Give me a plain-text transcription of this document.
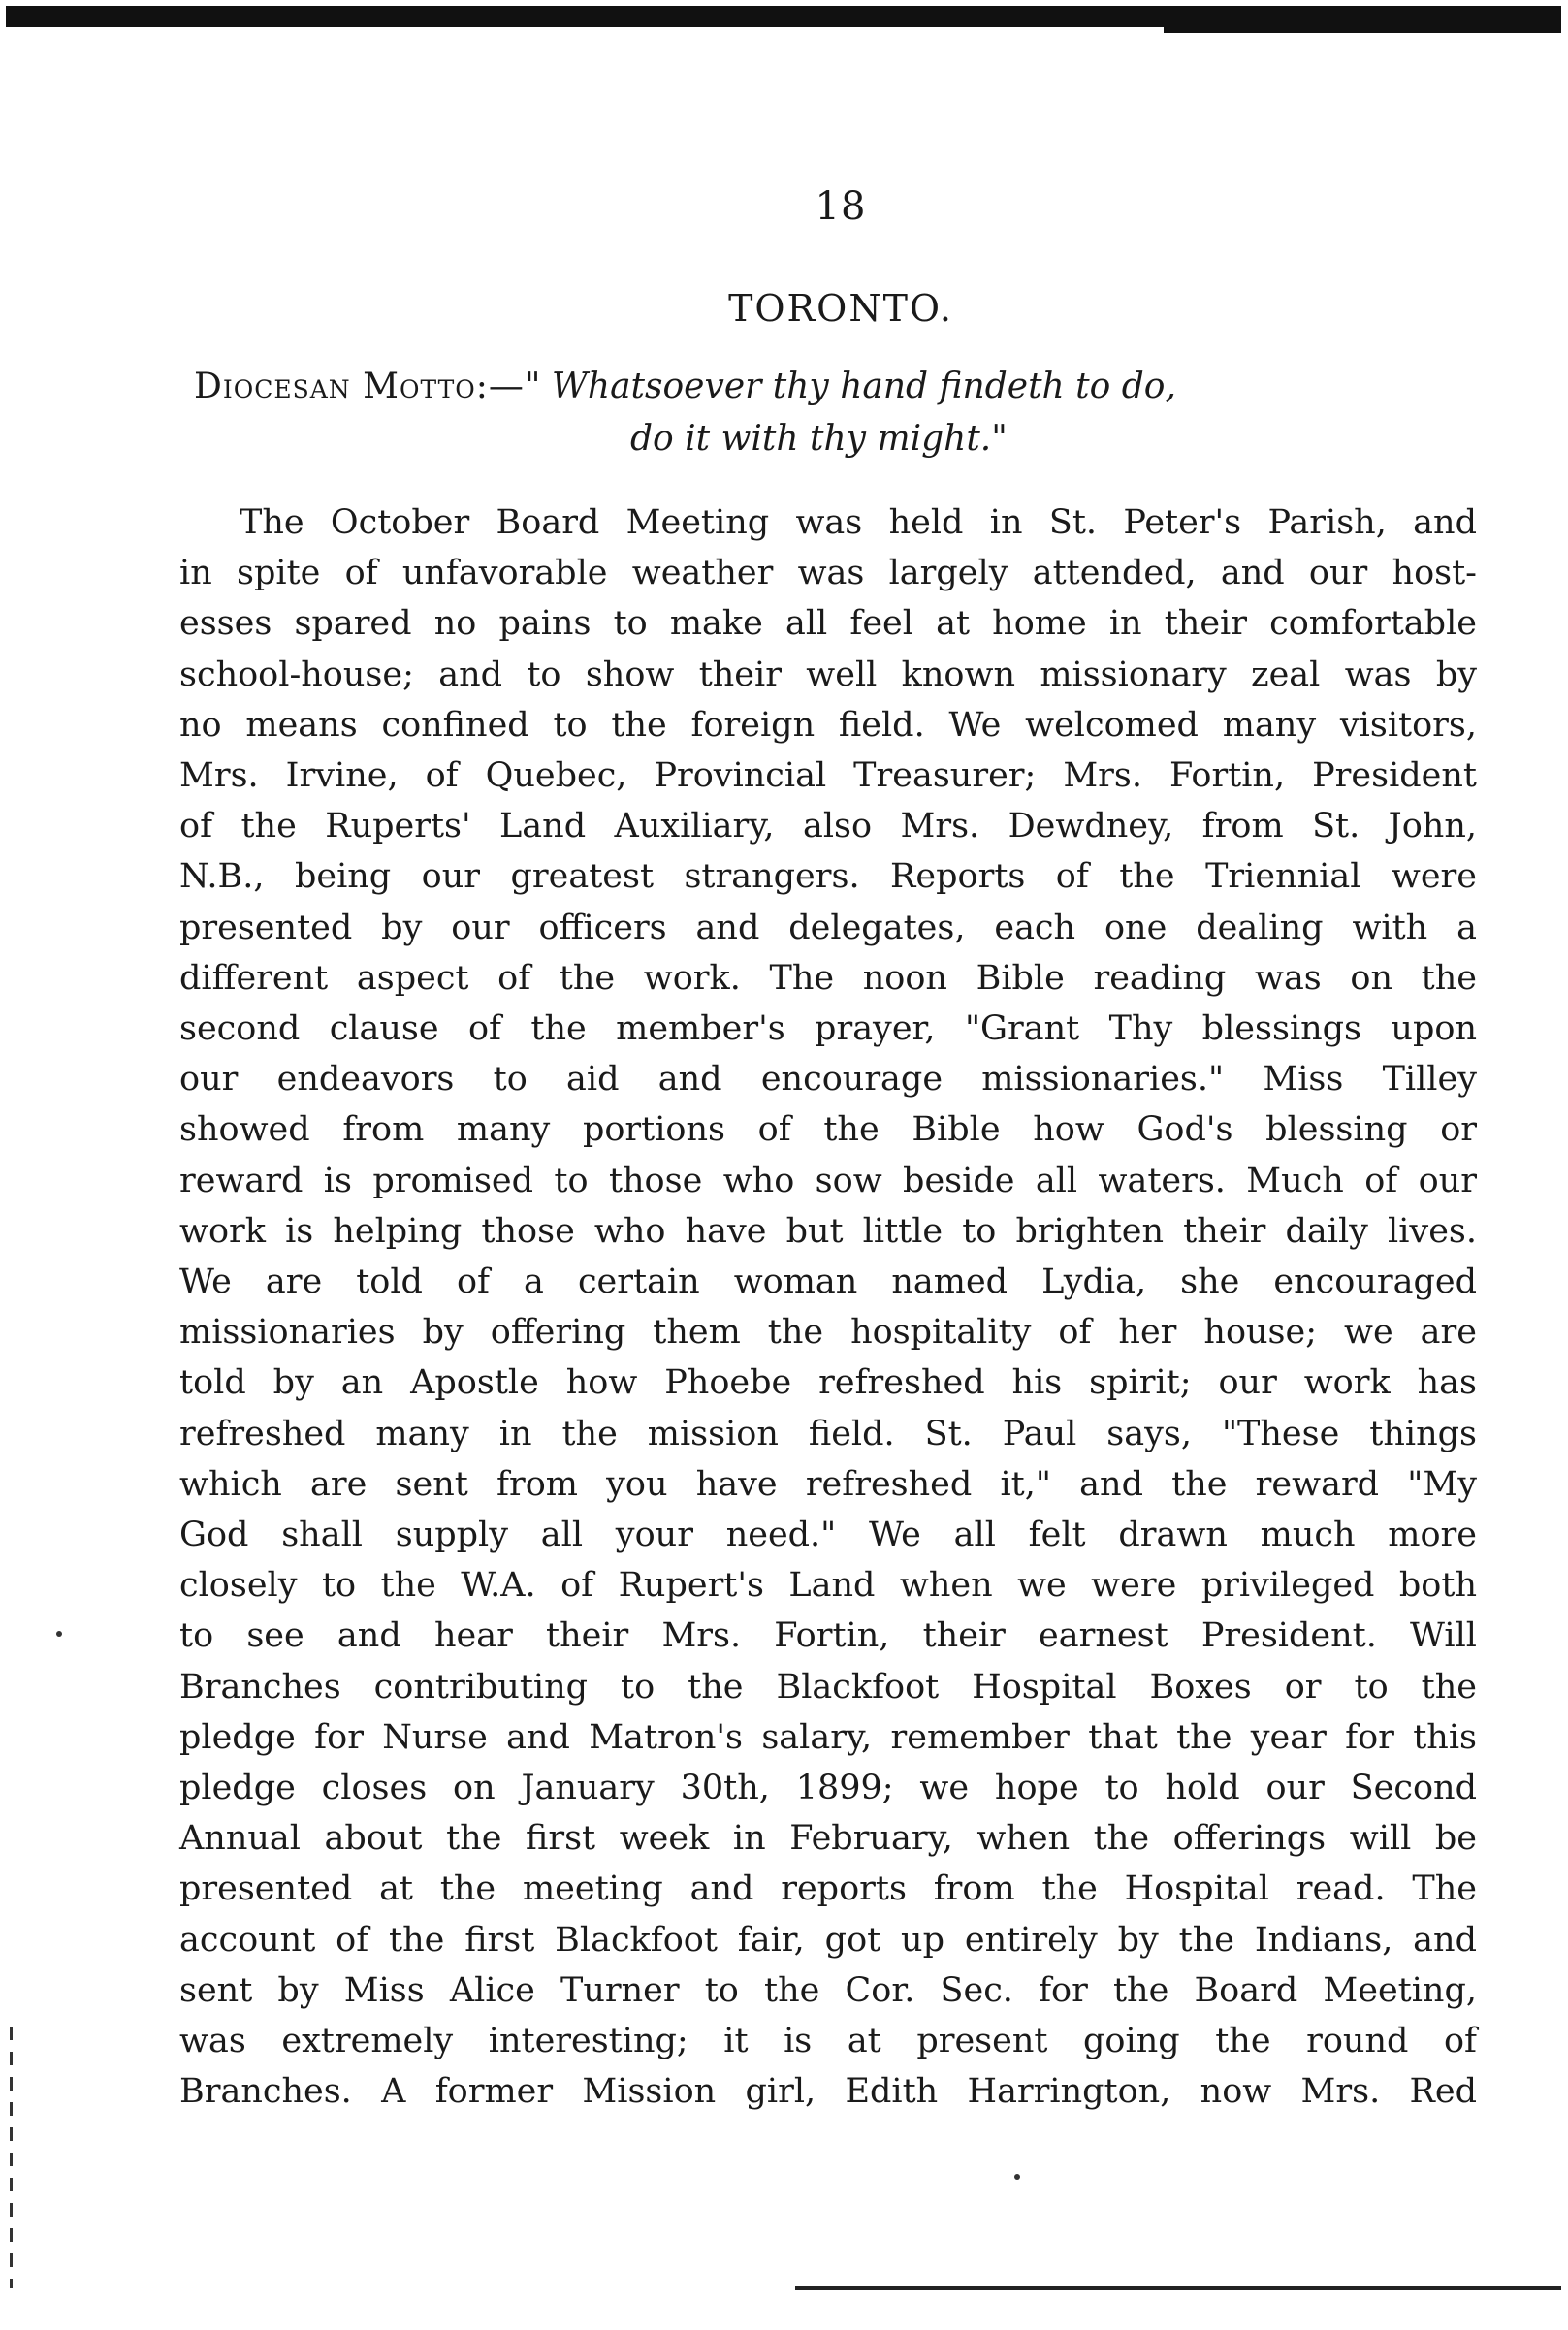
18
TORONTO.
Diocesan Motto:—" Whatsoever thy hand findeth to do,
do it with thy might."
The October Board Meeting was held in St. Peter's Parish, and
in spite of unfavorable weather was largely attended, and our host-
esses spared no pains to make all feel at home in their comfortable
school-house; and to show their well known missionary zeal was by
no means confined to the foreign field. We welcomed many visitors,
Mrs. Irvine, of Quebec, Provincial Treasurer; Mrs. Fortin, President
of the Ruperts' Land Auxiliary, also Mrs. Dewdney, from St. John,
N.B., being our greatest strangers. Reports of the Triennial were
presented by our officers and delegates, each one dealing with a
different aspect of the work. The noon Bible reading was on the
second clause of the member's prayer, "Grant Thy blessings upon
our endeavors to aid and encourage missionaries." Miss Tilley
showed from many portions of the Bible how God's blessing or
reward is promised to those who sow beside all waters. Much of our
work is helping those who have but little to brighten their daily lives.
We are told of a certain woman named Lydia, she encouraged
missionaries by offering them the hospitality of her house; we are
told by an Apostle how Phoebe refreshed his spirit; our work has
refreshed many in the mission field. St. Paul says, "These things
which are sent from you have refreshed it," and the reward "My
God shall supply all your need." We all felt drawn much more
closely to the W.A. of Rupert's Land when we were privileged both
to see and hear their Mrs. Fortin, their earnest President. Will
Branches contributing to the Blackfoot Hospital Boxes or to the
pledge for Nurse and Matron's salary, remember that the year for this
pledge closes on January 30th, 1899; we hope to hold our Second
Annual about the first week in February, when the offerings will be
presented at the meeting and reports from the Hospital read. The
account of the first Blackfoot fair, got up entirely by the Indians, and
sent by Miss Alice Turner to the Cor. Sec. for the Board Meeting,
was extremely interesting; it is at present going the round of
Branches. A former Mission girl, Edith Harrington, now Mrs. Red
